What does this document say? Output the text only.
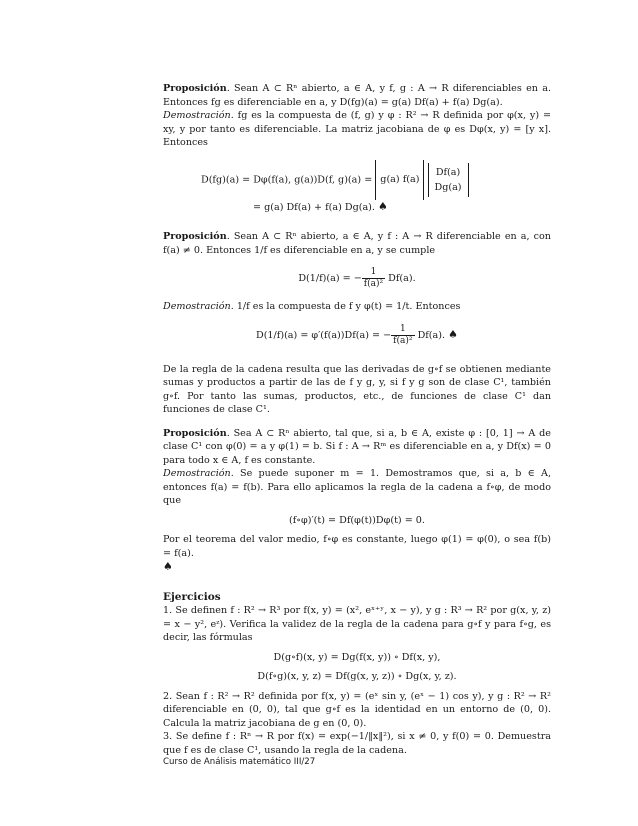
Proposición. Sean A ⊂ Rⁿ abierto, a ∈ A, y f, g : A → R diferenciables en a. Entonces fg es diferenciable en a, y D(fg)(a) = g(a) Df(a) + f(a) Dg(a).

Demostración. fg es la compuesta de (f, g) y φ : R² → R definida por φ(x, y) = xy, y por tanto es diferenciable. La matriz jacobiana de φ es Dφ(x, y) = [y x]. Entonces

D(fg)(a) = Dφ(f(a), g(a))D(f, g)(a) = g(a) f(a)
Df(a)
Dg(a)
= g(a) Df(a) + f(a) Dg(a). ♠

Proposición. Sean A ⊂ Rⁿ abierto, a ∈ A, y f : A → R diferenciable en a, con f(a) ≠ 0. Entonces 1/f es diferenciable en a, y se cumple

D(1/f)(a) = − $\frac{1}{\text{f(a)²}} Df(a)$.

Demostración. 1/f es la compuesta de f y φ(t) = 1/t. Entonces

D(1/f)(a) = φ′(f(a))Df(a) = − $\frac{1}{\text{f(a)²}} Df(a)$. ♠

De la regla de la cadena resulta que las derivadas de g∘f se obtienen mediante sumas y productos a partir de las de f y g, y, si f y g son de clase C¹, también g∘f. Por tanto las sumas, productos, etc., de funciones de clase C¹ dan funciones de clase C¹.

Proposición. Sea A ⊂ Rⁿ abierto, tal que, si a, b ∈ A, existe φ : [0, 1] → A de clase C¹ con φ(0) = a y φ(1) = b. Si f : A → Rᵐ es diferenciable en a, y Df(x) = 0 para todo x ∈ A, f es constante.

Demostración. Se puede suponer m = 1. Demostramos que, si a, b ∈ A, entonces f(a) = f(b). Para ello aplicamos la regla de la cadena a f∘φ, de modo que

(f∘φ)′(t) = Df(φ(t))Dφ(t) = 0.

Por el teorema del valor medio, f∘φ es constante, luego φ(1) = φ(0), o sea f(b) = f(a).

♠

Ejercicios

1. Se definen f : R² → R³ por f(x, y) = (x², eˣ⁺ʸ, x − y), y g : R³ → R² por g(x, y, z) = x − y², eᶻ). Verifica la validez de la regla de la cadena para g∘f y para f∘g, es decir, las fórmulas

D(g∘f)(x, y) = Dg(f(x, y)) ∘ Df(x, y),
D(f∘g)(x, y, z) = Df(g(x, y, z)) ∘ Dg(x, y, z).

2. Sean f : R² → R² definida por f(x, y) = (eˣ sin y, (eˣ − 1) cos y), y g : R² → R² diferenciable en (0, 0), tal que g∘f es la identidad en un entorno de (0, 0). Calcula la matriz jacobiana de g en (0, 0).

3. Se define f : Rⁿ → R por f(x) = exp(−1/‖x‖²), si x ≠ 0, y f(0) = 0. Demuestra que f es de clase C¹, usando la regla de la cadena.

Curso de Análisis matemático III/27
